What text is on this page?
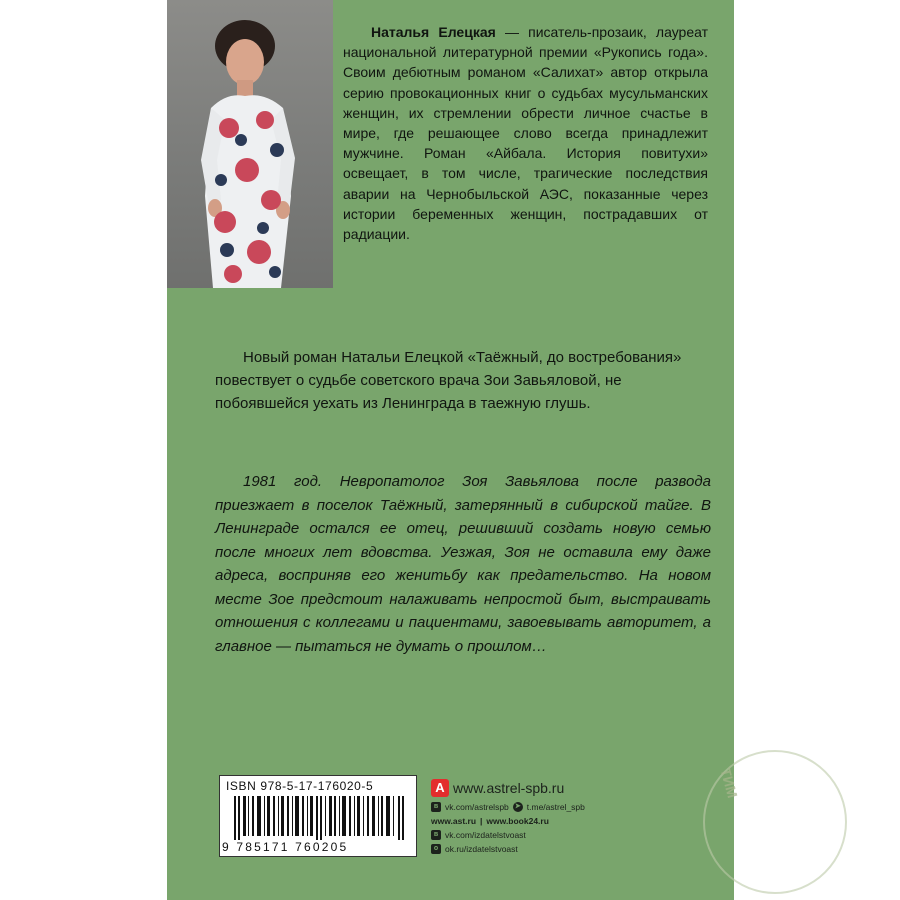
Наталья Елецкая — писатель-прозаик, лауреат национальной литературной премии «Рукопись года». Своим дебютным романом «Салихат» автор открыла серию провокационных книг о судьбах мусульманских женщин, их стремлении обрести личное счастье в мире, где решающее слово всегда принадлежит мужчине. Роман «Айбала. История повитухи» освещает, в том числе, трагические последствия аварии на Чернобыльской АЭС, показанные через истории беременных женщин, пострадавших от радиации.

Новый роман Натальи Елецкой «Таёжный, до востребования» повествует о судьбе советского врача Зои Завьяловой, не побоявшейся уехать из Ленинграда в таежную глушь.

1981 год. Невропатолог Зоя Завьялова после развода приезжает в поселок Таёжный, затерянный в сибирской тайге. В Ленинграде остался ее отец, решивший создать новую семью после многих лет вдовства. Уезжая, Зоя не оставила ему даже адреса, восприняв его женитьбу как предательство. На новом месте Зое предстоит налаживать непростой быт, выстраивать отношения с коллегами и пациентами, завоевывать авторитет, а главное — пытаться не думать о прошлом…

ISBN 978-5-17-176020-5
9 785171 760205
А www.astrel-spb.ru
в vk.com/astrelspb ➤ t.me/astrel_spb
www.ast.ru | www.book24.ru
в vk.com/izdatelstvoast
о ok.ru/izdatelstvoast
ТИМ
